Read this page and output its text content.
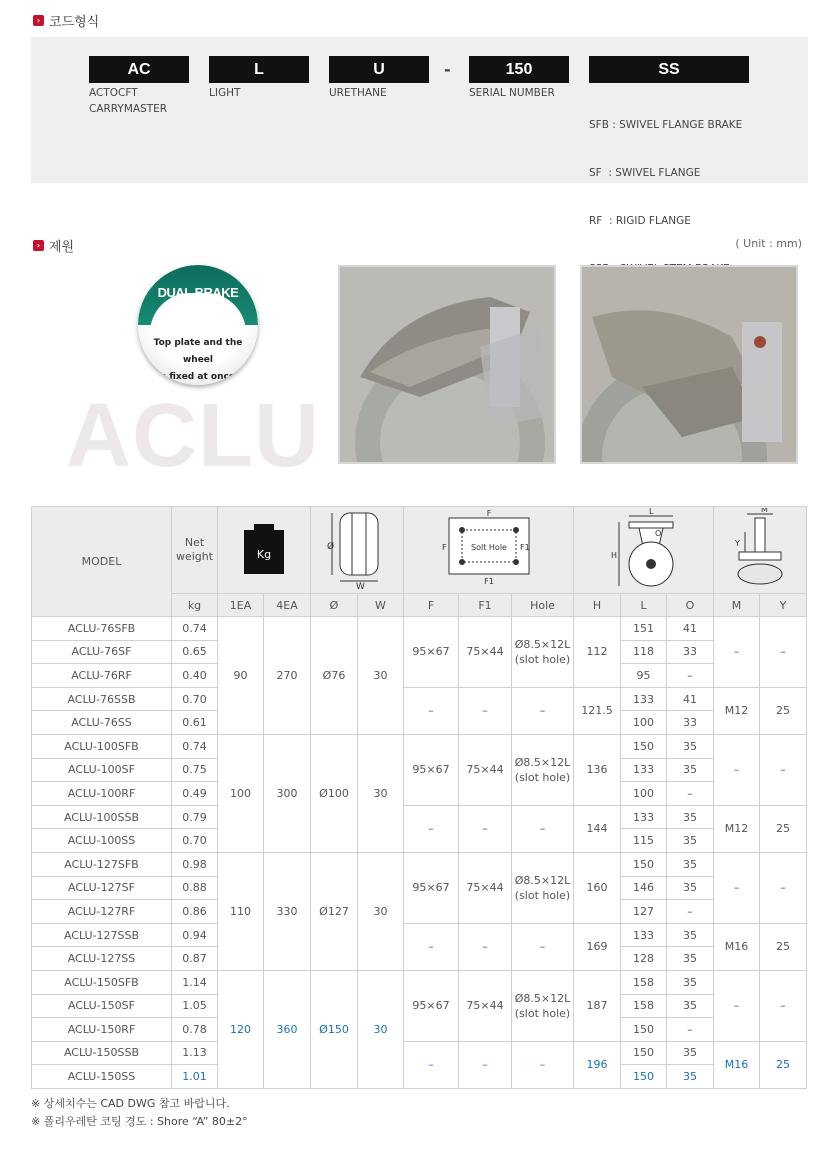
› 코드형식
AC
ACTOCFT
CARRYMASTER
L
LIGHT
U
URETHANE
-	150
SERIAL NUMBER
SS

SFB : SWIVEL FLANGE BRAKE

SF  : SWIVEL FLANGE

RF  : RIGID FLANGE

› 제원	( Unit : mm)
ACLU
DUAL BRAKE
Top plate and the wheel
is fixed at once.
MODEL	Net weight	Kg		Ø
W		Solt Hole
F
F
F1
F1			H
L
O			M
Y	

	kg	1EA	4EA	Ø	W	F	F1	Hole	H	L	O	M	Y
ACLU-76SFB	0.74	90	270	Ø76	30	95×67	75×44	Ø8.5×12L
(slot hole)	112	151	41	–	–
ACLU-76SF	0.65									118	33		
ACLU-76RF	0.40									95	–		
ACLU-76SSB	0.70					–	–	–	121.5	133	41	M12	25
ACLU-76SS	0.61									100	33		
ACLU-100SFB	0.74	100	300	Ø100	30	95×67	75×44	Ø8.5×12L
(slot hole)	136	150	35	–	–
ACLU-100SF	0.75									133	35		
ACLU-100RF	0.49									100	–		
ACLU-100SSB	0.79					–	–	–	144	133	35	M12	25
ACLU-100SS	0.70									115	35		
ACLU-127SFB	0.98	110	330	Ø127	30	95×67	75×44	Ø8.5×12L
(slot hole)	160	150	35	–	–
ACLU-127SF	0.88									146	35		
ACLU-127RF	0.86									127	–		
ACLU-127SSB	0.94					–	–	–	169	133	35	M16	25
ACLU-127SS	0.87									128	35		
ACLU-150SFB	1.14	120	360	Ø150	30	95×67	75×44	Ø8.5×12L
(slot hole)	187	158	35	–	–
ACLU-150SF	1.05									158	35		
ACLU-150RF	0.78									150	–		
ACLU-150SSB	1.13					–	–	–	196	150	35	M16	25
ACLU-150SS	1.01									150	35		
※ 상세치수는 CAD DWG 참고 바랍니다.
※ 폴리우레탄 코팅 경도 : Shore “A” 80±2°
